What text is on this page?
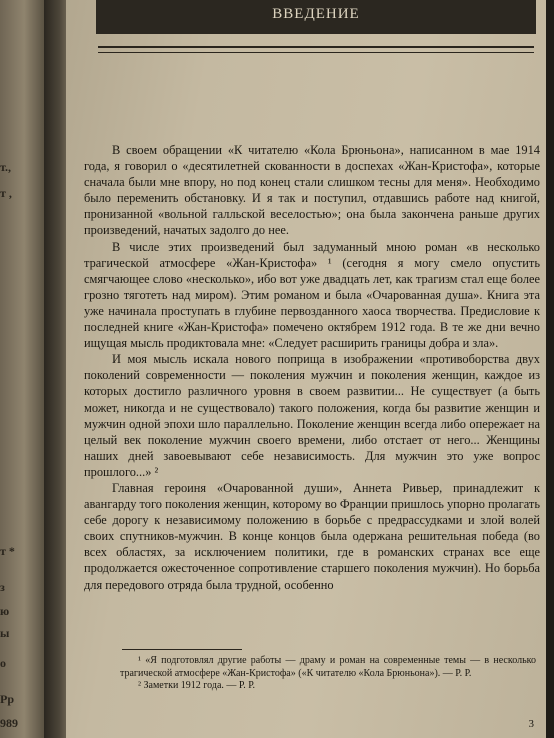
т.,
т ,
т *
з
ю
ы
о
989
Рр
ВВЕДЕНИЕ

В своем обращении «К читателю «Кола Брюньона», написанном в мае 1914 года, я говорил о «десятилетней скованности в доспехах «Жан-Кристофа», которые сначала были мне впору, но под конец стали слишком тесны для меня». Необходимо было переменить обстановку. И я так и поступил, отдавшись работе над книгой, пронизанной «вольной галльской веселостью»; она была закончена раньше других произведений, начатых задолго до нее.

В числе этих произведений был задуманный мною роман «в несколько трагической атмосфере «Жан-Кристофа» ¹ (сегодня я могу смело опустить смягчающее слово «несколько», ибо вот уже двадцать лет, как трагизм стал еще более грозно тяготеть над миром). Этим романом и была «Очарованная душа». Книга эта уже начинала проступать в глубине первозданного хаоса творчества. Предисловие к последней книге «Жан-Кристофа» помечено октябрем 1912 года. В те же дни вечно ищущая мысль продиктовала мне: «Следует расширить границы добра и зла».

И моя мысль искала нового поприща в изображении «противоборства двух поколений современности — поколения мужчин и поколения женщин, каждое из которых достигло различного уровня в своем развитии... Не существует (а быть может, никогда и не существовало) такого положения, когда бы развитие женщин и мужчин одной эпохи шло параллельно. Поколение женщин всегда либо опережает на целый век поколение мужчин своего времени, либо отстает от него... Женщины наших дней завоевывают себе независимость. Для мужчин это уже вопрос прошлого...» ²

Главная героиня «Очарованной души», Аннета Ривьер, принадлежит к авангарду того поколения женщин, которому во Франции пришлось упорно пролагать себе дорогу к независимому положению в борьбе с предрассудками и злой волей своих спутников-мужчин. В конце концов была одержана решительная победа (во всех областях, за исключением политики, где в романских странах все еще продолжается ожесточенное сопротивление старшего поколения мужчин). Но борьба для передового отряда была трудной, особенно

¹ «Я подготовлял другие работы — драму и роман на современные темы — в несколько трагической атмосфере «Жан-Кристофа» («К читателю «Кола Брюньона»). — Р. Р.

² Заметки 1912 года. — Р. Р.

3
